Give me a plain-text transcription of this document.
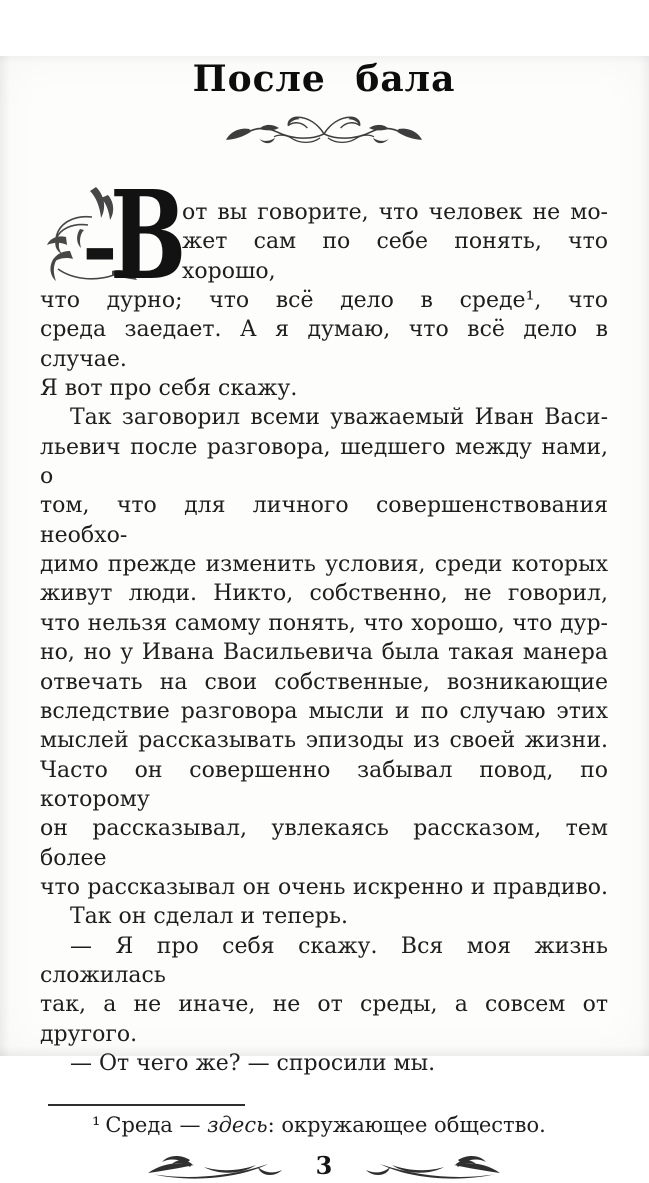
После бала
-
В
от вы говорите, что человек не мо-
жет сам по себе понять, что хорошо,
что дурно; что всё дело в среде¹, что
среда заедает. А я думаю, что всё дело в случае.
Я вот про себя скажу.
Так заговорил всеми уважаемый Иван Васи-
льевич после разговора, шедшего между нами, о
том, что для личного совершенствования необхо-
димо прежде изменить условия, среди которых
живут люди. Никто, собственно, не говорил,
что нельзя самому понять, что хорошо, что дур-
но, но у Ивана Васильевича была такая манера
отвечать на свои собственные, возникающие
вследствие разговора мысли и по случаю этих
мыслей рассказывать эпизоды из своей жизни.
Часто он совершенно забывал повод, по которому
он рассказывал, увлекаясь рассказом, тем более
что рассказывал он очень искренно и правдиво.
Так он сделал и теперь.
— Я про себя скажу. Вся моя жизнь сложилась
так, а не иначе, не от среды, а совсем от другого.
— От чего же? — спросили мы.
¹ Среда — здесь: окружающее общество.
3
